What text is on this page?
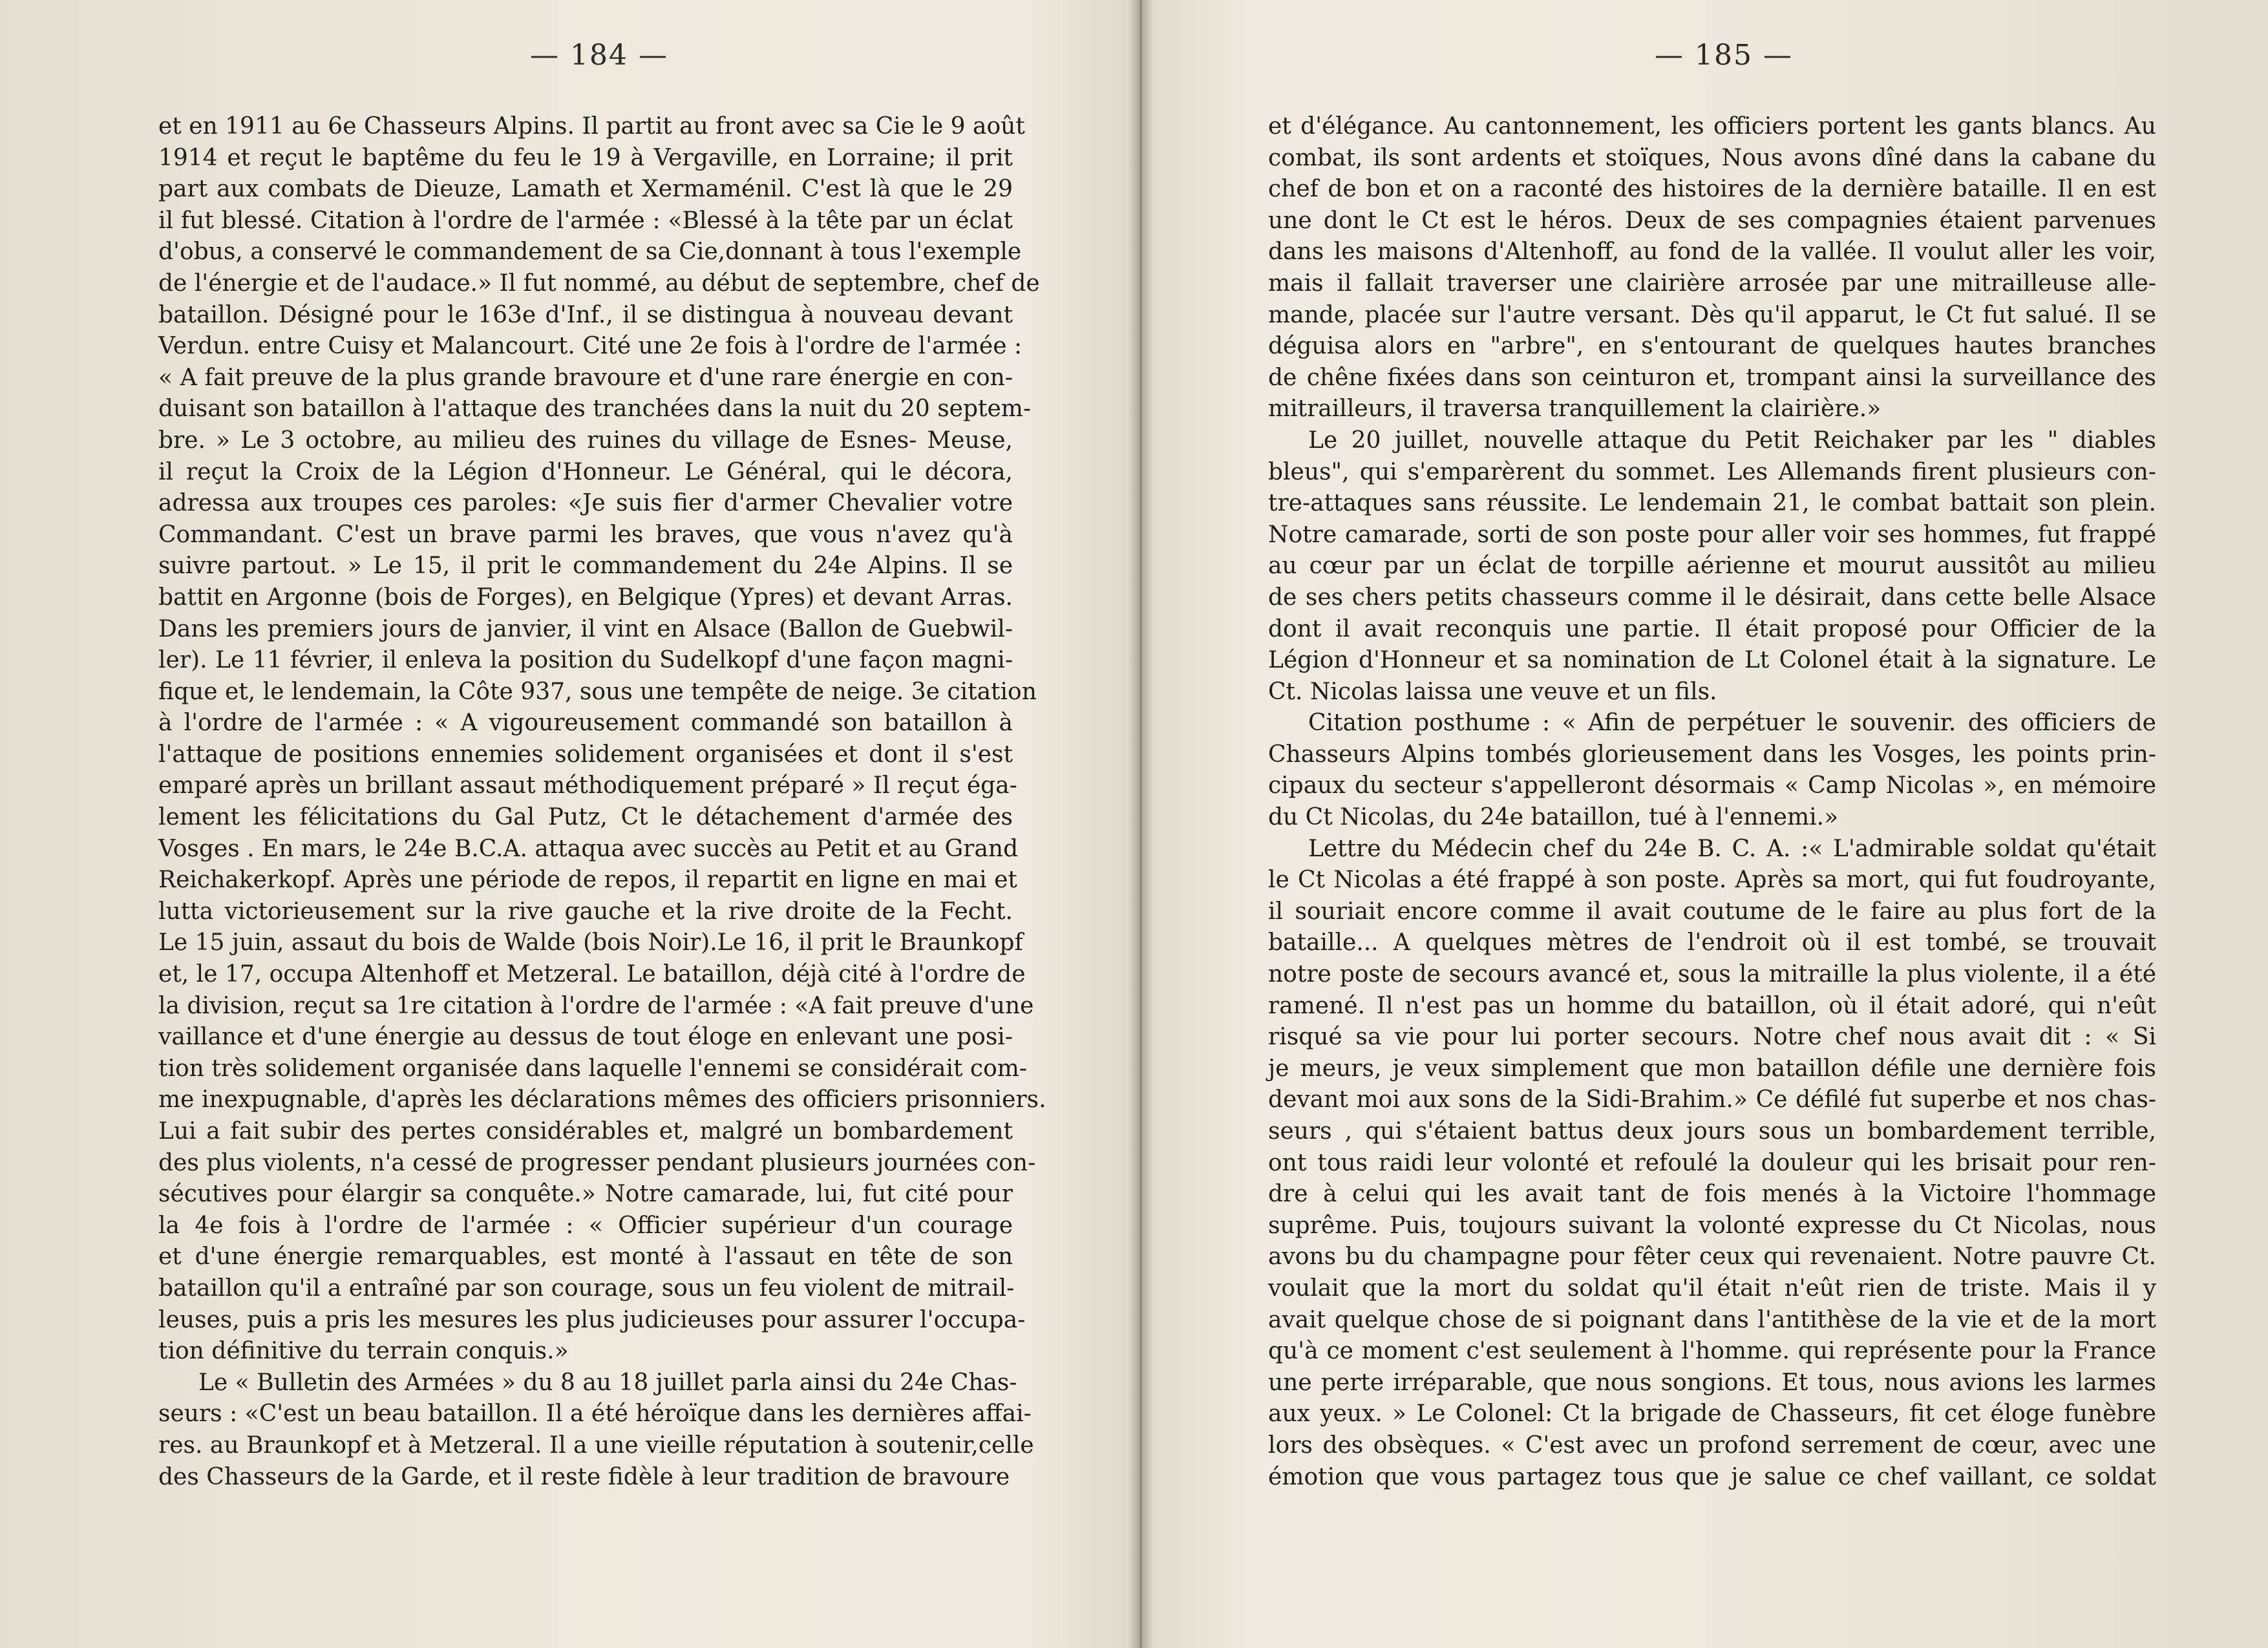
— 184 —
et en 1911 au 6e Chasseurs Alpins. Il partit au front avec sa Cie le 9 août
1914 et reçut le baptême du feu le 19 à Vergaville, en Lorraine; il prit
part aux combats de Dieuze, Lamath et Xermaménil. C'est là que le 29
il fut blessé. Citation à l'ordre de l'armée : «Blessé à la tête par un éclat
d'obus, a conservé le commandement de sa Cie,donnant à tous l'exemple
de l'énergie et de l'audace.» Il fut nommé, au début de septembre, chef de
bataillon. Désigné pour le 163e d'Inf., il se distingua à nouveau devant
Verdun. entre Cuisy et Malancourt. Cité une 2e fois à l'ordre de l'armée :
« A fait preuve de la plus grande bravoure et d'une rare énergie en con-
duisant son bataillon à l'attaque des tranchées dans la nuit du 20 septem-
bre. » Le 3 octobre, au milieu des ruines du village de Esnes- Meuse,
il reçut la Croix de la Légion d'Honneur. Le Général, qui le décora,
adressa aux troupes ces paroles: «Je suis fier d'armer Chevalier votre
Commandant. C'est un brave parmi les braves, que vous n'avez qu'à
suivre partout. » Le 15, il prit le commandement du 24e Alpins. Il se
battit en Argonne (bois de Forges), en Belgique (Ypres) et devant Arras.
Dans les premiers jours de janvier, il vint en Alsace (Ballon de Guebwil-
ler). Le 11 février, il enleva la position du Sudelkopf d'une façon magni-
fique et, le lendemain, la Côte 937, sous une tempête de neige. 3e citation
à l'ordre de l'armée : « A vigoureusement commandé son bataillon à
l'attaque de positions ennemies solidement organisées et dont il s'est
emparé après un brillant assaut méthodiquement préparé » Il reçut éga-
lement les félicitations du Gal Putz, Ct le détachement d'armée des
Vosges . En mars, le 24e B.C.A. attaqua avec succès au Petit et au Grand
Reichakerkopf. Après une période de repos, il repartit en ligne en mai et
lutta victorieusement sur la rive gauche et la rive droite de la Fecht.
Le 15 juin, assaut du bois de Walde (bois Noir).Le 16, il prit le Braunkopf
et, le 17, occupa Altenhoff et Metzeral. Le bataillon, déjà cité à l'ordre de
la division, reçut sa 1re citation à l'ordre de l'armée : «A fait preuve d'une
vaillance et d'une énergie au dessus de tout éloge en enlevant une posi-
tion très solidement organisée dans laquelle l'ennemi se considérait com-
me inexpugnable, d'après les déclarations mêmes des officiers prisonniers.
Lui a fait subir des pertes considérables et, malgré un bombardement
des plus violents, n'a cessé de progresser pendant plusieurs journées con-
sécutives pour élargir sa conquête.» Notre camarade, lui, fut cité pour
la 4e fois à l'ordre de l'armée : « Officier supérieur d'un courage
et d'une énergie remarquables, est monté à l'assaut en tête de son
bataillon qu'il a entraîné par son courage, sous un feu violent de mitrail-
leuses, puis a pris les mesures les plus judicieuses pour assurer l'occupa-
tion définitive du terrain conquis.»
Le « Bulletin des Armées » du 8 au 18 juillet parla ainsi du 24e Chas-
seurs : «C'est un beau bataillon. Il a été héroïque dans les dernières affai-
res. au Braunkopf et à Metzeral. Il a une vieille réputation à soutenir,celle
des Chasseurs de la Garde, et il reste fidèle à leur tradition de bravoure
— 185 —
et d'élégance. Au cantonnement, les officiers portent les gants blancs. Au
combat, ils sont ardents et stoïques, Nous avons dîné dans la cabane du
chef de bon et on a raconté des histoires de la dernière bataille. Il en est
une dont le Ct est le héros. Deux de ses compagnies étaient parvenues
dans les maisons d'Altenhoff, au fond de la vallée. Il voulut aller les voir,
mais il fallait traverser une clairière arrosée par une mitrailleuse alle-
mande, placée sur l'autre versant. Dès qu'il apparut, le Ct fut salué. Il se
déguisa alors en "arbre", en s'entourant de quelques hautes branches
de chêne fixées dans son ceinturon et, trompant ainsi la surveillance des
mitrailleurs, il traversa tranquillement la clairière.»
Le 20 juillet, nouvelle attaque du Petit Reichaker par les " diables
bleus", qui s'emparèrent du sommet. Les Allemands firent plusieurs con-
tre-attaques sans réussite. Le lendemain 21, le combat battait son plein.
Notre camarade, sorti de son poste pour aller voir ses hommes, fut frappé
au cœur par un éclat de torpille aérienne et mourut aussitôt au milieu
de ses chers petits chasseurs comme il le désirait, dans cette belle Alsace
dont il avait reconquis une partie. Il était proposé pour Officier de la
Légion d'Honneur et sa nomination de Lt Colonel était à la signature. Le
Ct. Nicolas laissa une veuve et un fils.
Citation posthume : « Afin de perpétuer le souvenir. des officiers de
Chasseurs Alpins tombés glorieusement dans les Vosges, les points prin-
cipaux du secteur s'appelleront désormais « Camp Nicolas », en mémoire
du Ct Nicolas, du 24e bataillon, tué à l'ennemi.»
Lettre du Médecin chef du 24e B. C. A. :« L'admirable soldat qu'était
le Ct Nicolas a été frappé à son poste. Après sa mort, qui fut foudroyante,
il souriait encore comme il avait coutume de le faire au plus fort de la
bataille... A quelques mètres de l'endroit où il est tombé, se trouvait
notre poste de secours avancé et, sous la mitraille la plus violente, il a été
ramené. Il n'est pas un homme du bataillon, où il était adoré, qui n'eût
risqué sa vie pour lui porter secours. Notre chef nous avait dit : « Si
je meurs, je veux simplement que mon bataillon défile une dernière fois
devant moi aux sons de la Sidi-Brahim.» Ce défilé fut superbe et nos chas-
seurs , qui s'étaient battus deux jours sous un bombardement terrible,
ont tous raidi leur volonté et refoulé la douleur qui les brisait pour ren-
dre à celui qui les avait tant de fois menés à la Victoire l'hommage
suprême. Puis, toujours suivant la volonté expresse du Ct Nicolas, nous
avons bu du champagne pour fêter ceux qui revenaient. Notre pauvre Ct.
voulait que la mort du soldat qu'il était n'eût rien de triste. Mais il y
avait quelque chose de si poignant dans l'antithèse de la vie et de la mort
qu'à ce moment c'est seulement à l'homme. qui représente pour la France
une perte irréparable, que nous songions. Et tous, nous avions les larmes
aux yeux. » Le Colonel: Ct la brigade de Chasseurs, fit cet éloge funèbre
lors des obsèques. « C'est avec un profond serrement de cœur, avec une
émotion que vous partagez tous que je salue ce chef vaillant, ce soldat
